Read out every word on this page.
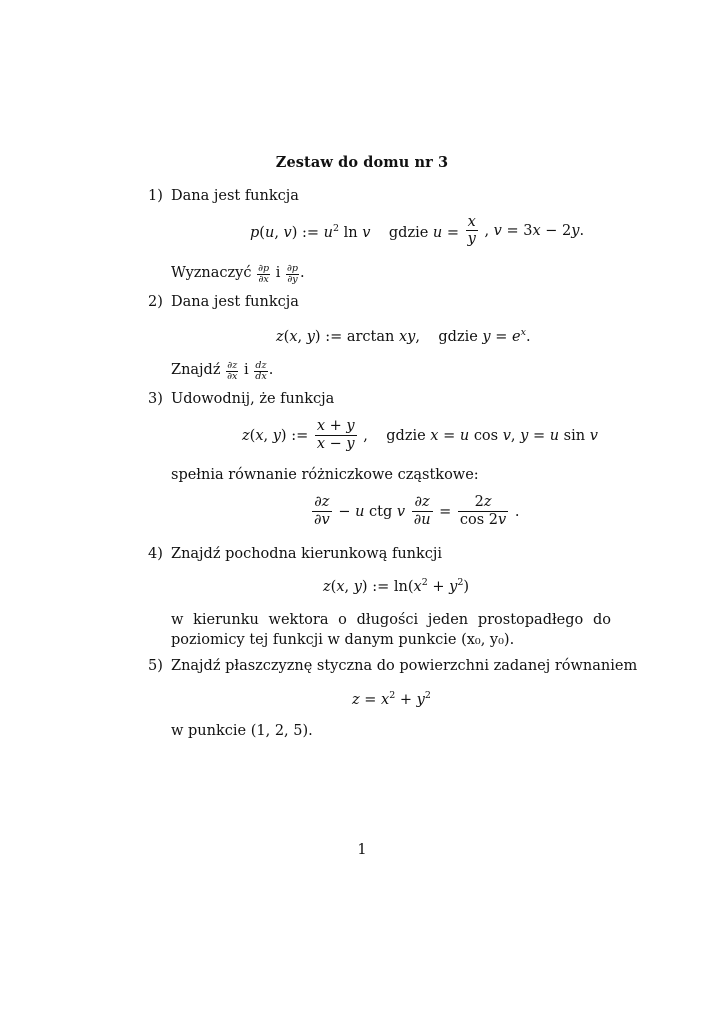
Zestaw do domu nr 3
1) Dana jest funkcja
p(u, v) := $u^2$ ln v gdzie $u = \frac{x}{y}$ , v = 3x − 2y.
Wyznaczyć $\frac{\partial p}{\partial x}$ i $\frac{\partial p}{\partial y}$ .
2) Dana jest funkcja
z(x, y) := arctan xy,    gdzie $y = e^x$.
Znajdź $\frac{\partial z}{\partial x}$ i $\frac{dz}{dx}$ .
3) Udowodnij, że funkcja
z(x, y) := $\frac{x + y}{x - y}$ ,    gdzie x = u cos v, y = u sin v
spełnia równanie różniczkowe cząstkowe:
$\frac{\partial z}{\partial v} - u$ ctg v $\frac{\partial z}{\partial u} = \frac{2z}{\cos 2v}$ .
4) Znajdź pochodna kierunkową funkcji
z(x, y) := $\ln(x^2 + y^2)$
w kierunku wektora o długości jeden prostopadłego do poziomicy tej funkcji w danym punkcie (x₀, y₀).
5) Znajdź płaszczyznę styczna do powierzchni zadanej równaniem
$z = x^2 + y^2$
w punkcie (1, 2, 5).
1
